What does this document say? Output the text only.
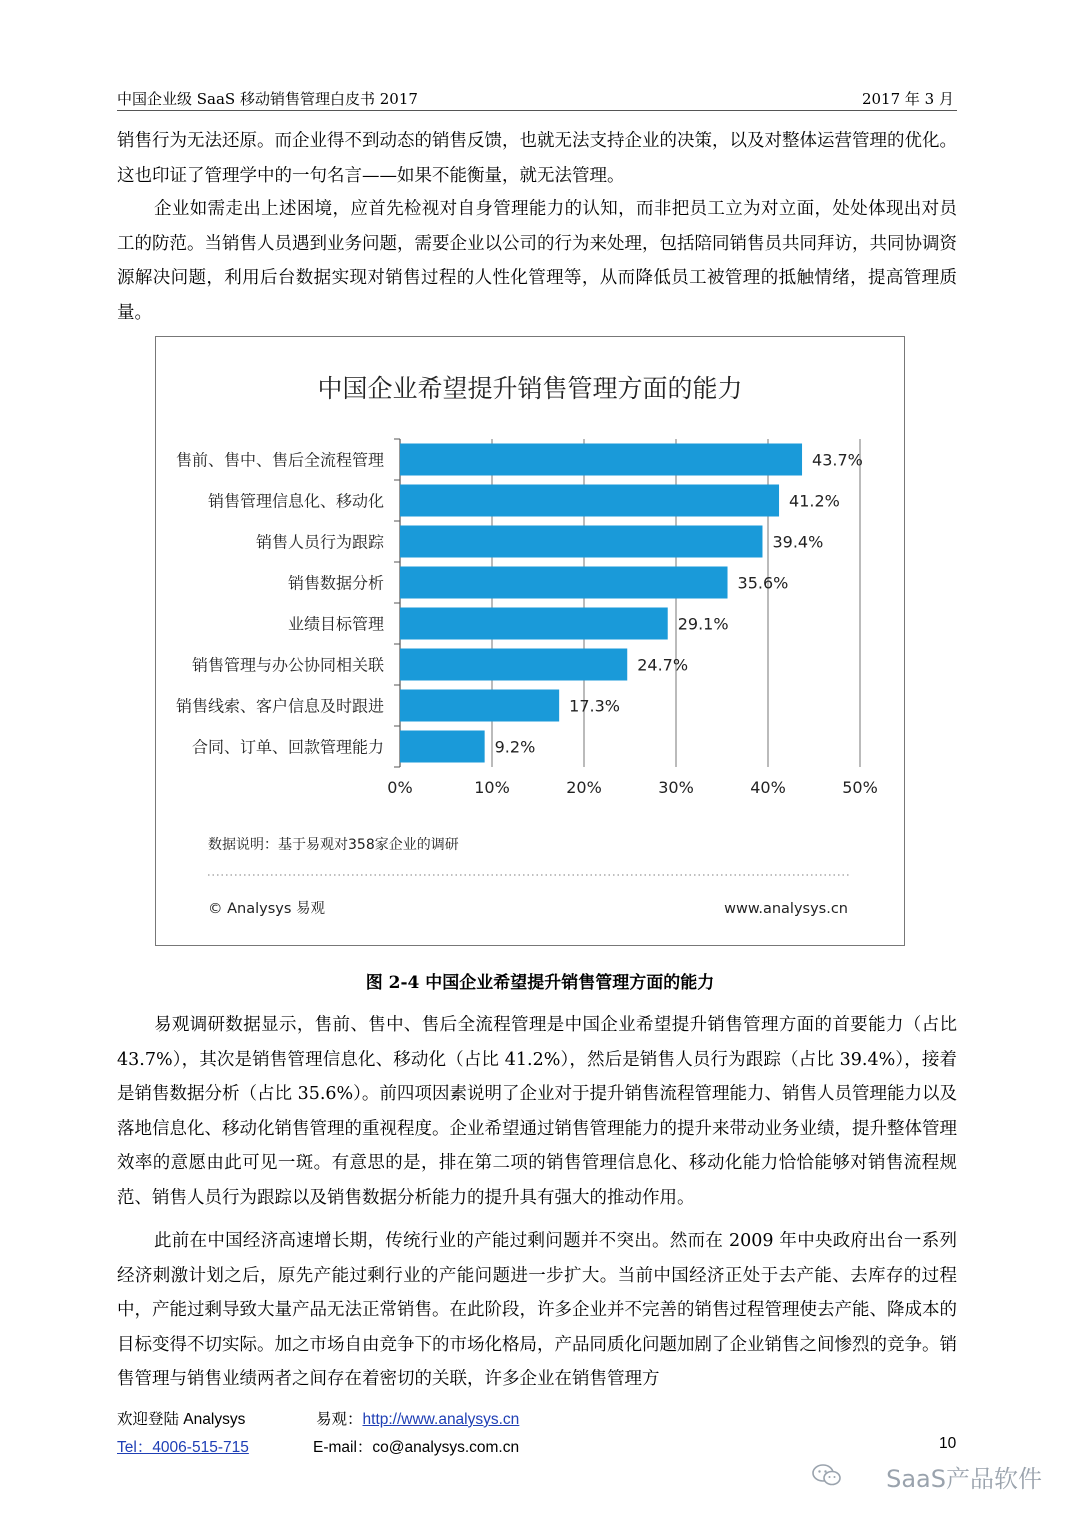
中国企业级 SaaS 移动销售管理白皮书 2017	2017 年 3 月
销售行为无法还原。而企业得不到动态的销售反馈，也就无法支持企业的决策，以及对整体运营管理的优化。这也印证了管理学中的一句名言——如果不能衡量，就无法管理。
企业如需走出上述困境，应首先检视对自身管理能力的认知，而非把员工立为对立面，处处体现出对员工的防范。当销售人员遇到业务问题，需要企业以公司的行为来处理，包括陪同销售员共同拜访，共同协调资源解决问题，利用后台数据实现对销售过程的人性化管理等，从而降低员工被管理的抵触情绪，提高管理质量。
中国企业希望提升销售管理方面的能力
0%	10%	20%	30%	40%	50%
售前、售中、售后全流程管理	43.7%
销售管理信息化、移动化	41.2%
销售人员行为跟踪	39.4%
销售数据分析	35.6%
业绩目标管理	29.1%
销售管理与办公协同相关联	24.7%
销售线索、客户信息及时跟进	17.3%
合同、订单、回款管理能力	9.2%
数据说明：基于易观对358家企业的调研
© Analysys 易观	www.analysys.cn
图 2-4 中国企业希望提升销售管理方面的能力
易观调研数据显示，售前、售中、售后全流程管理是中国企业希望提升销售管理方面的首要能力（占比 43.7%），其次是销售管理信息化、移动化（占比 41.2%），然后是销售人员行为跟踪（占比 39.4%），接着是销售数据分析（占比 35.6%）。前四项因素说明了企业对于提升销售流程管理能力、销售人员管理能力以及落地信息化、移动化销售管理的重视程度。企业希望通过销售管理能力的提升来带动业务业绩，提升整体管理效率的意愿由此可见一斑。有意思的是，排在第二项的销售管理信息化、移动化能力恰恰能够对销售流程规范、销售人员行为跟踪以及销售数据分析能力的提升具有强大的推动作用。
此前在中国经济高速增长期，传统行业的产能过剩问题并不突出。然而在 2009 年中央政府出台一系列经济刺激计划之后，原先产能过剩行业的产能问题进一步扩大。当前中国经济正处于去产能、去库存的过程中，产能过剩导致大量产品无法正常销售。在此阶段，许多企业并不完善的销售过程管理使去产能、降成本的目标变得不切实际。加之市场自由竞争下的市场化格局，产品同质化问题加剧了企业销售之间惨烈的竞争。销售管理与销售业绩两者之间存在着密切的关联，许多企业在销售管理方
欢迎登陆 Analysys
Tel：4006-515-715
易观：http://www.analysys.cn
E-mail：co@analysys.com.cn	10
SaaS产品软件
